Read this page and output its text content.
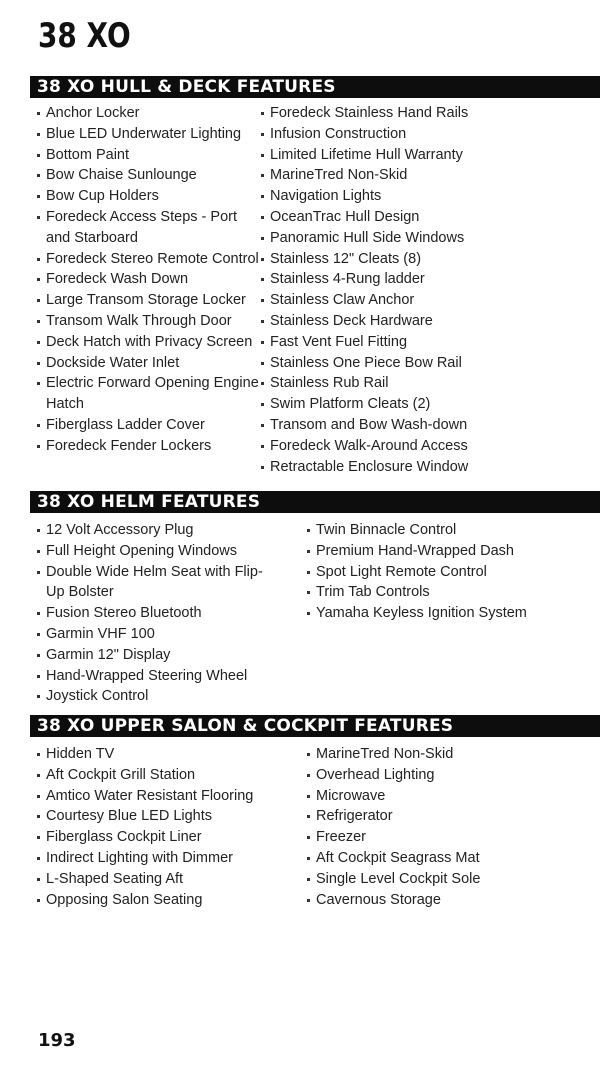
38 XO
38 XO HULL & DECK FEATURES
Anchor Locker
Blue LED Underwater Lighting
Bottom Paint
Bow Chaise Sunlounge
Bow Cup Holders
Foredeck Access Steps - Port and Starboard
Foredeck Stereo Remote Control
Foredeck Wash Down
Large Transom Storage Locker
Transom Walk Through Door
Deck Hatch with Privacy Screen
Dockside Water Inlet
Electric Forward Opening Engine Hatch
Fiberglass Ladder Cover
Foredeck Fender Lockers
Foredeck Stainless Hand Rails
Infusion Construction
Limited Lifetime Hull Warranty
MarineTred Non-Skid
Navigation Lights
OceanTrac Hull Design
Panoramic Hull Side Windows
Stainless 12" Cleats (8)
Stainless 4-Rung ladder
Stainless Claw Anchor
Stainless Deck Hardware
Fast Vent Fuel Fitting
Stainless One Piece Bow Rail
Stainless Rub Rail
Swim Platform Cleats (2)
Transom and Bow Wash-down
Foredeck Walk-Around Access
Retractable Enclosure Window
38 XO HELM FEATURES
12 Volt Accessory Plug
Full Height Opening Windows
Double Wide Helm Seat with Flip-Up Bolster
Fusion Stereo Bluetooth
Garmin VHF 100
Garmin 12" Display
Hand-Wrapped Steering Wheel
Joystick Control
Twin Binnacle Control
Premium Hand-Wrapped Dash
Spot Light Remote Control
Trim Tab Controls
Yamaha Keyless Ignition System
38 XO UPPER SALON & COCKPIT FEATURES
Hidden TV
Aft Cockpit Grill Station
Amtico Water Resistant Flooring
Courtesy Blue LED Lights
Fiberglass Cockpit Liner
Indirect Lighting with Dimmer
L-Shaped Seating Aft
Opposing Salon Seating
MarineTred Non-Skid
Overhead Lighting
Microwave
Refrigerator
Freezer
Aft Cockpit Seagrass Mat
Single Level Cockpit Sole
Cavernous Storage
193
